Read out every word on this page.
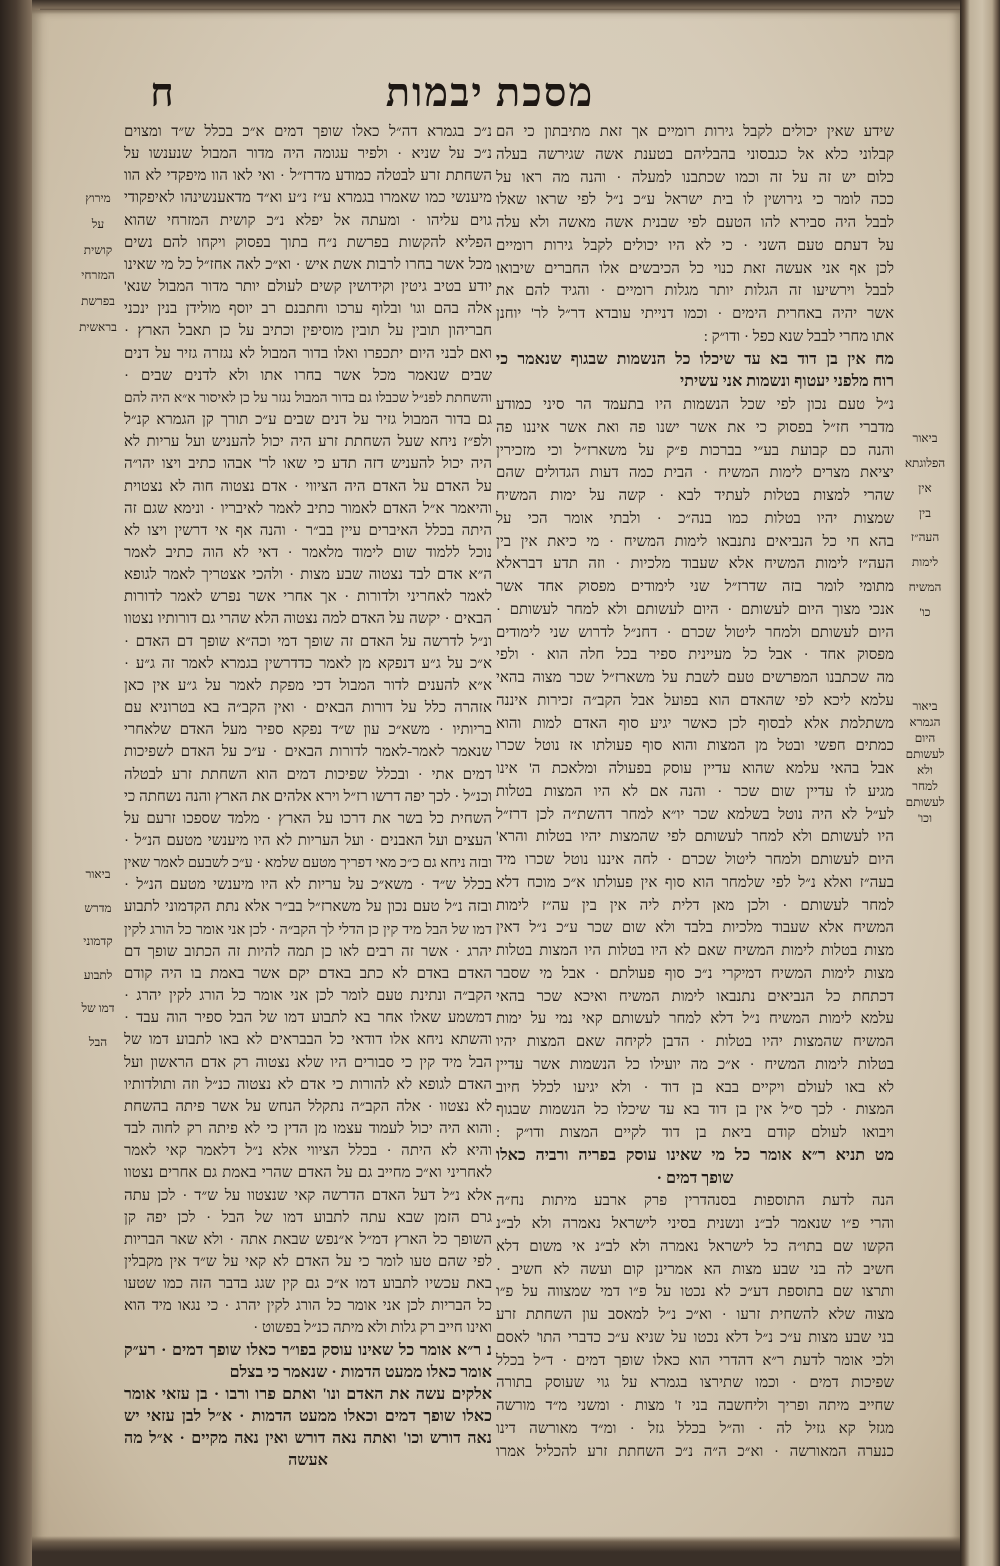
מסכת יבמות
ח
שידע שאין יכולים לקבל גירות רומיים אך זאת מתיבתון כי הם
קבלוני כלא אל כגבסוני בהבליהם בטענת אשה שגירשה בעלה
כלום יש זה על זה וכמו שכתבנו למעלה · והנה מה ראו על
ככה לומר כי גירושין לו בית ישראל ע״כ נ״ל לפי שראו שאלו
לבבל היה סבירא להו הטעם לפי שבנית אשה מאשה ולא עלה
על דעתם טעם השני · כי לא היו יכולים לקבל גירות רומיים
לכן אף אני אעשה זאת כנוי כל הכיבשים אלו החברים שיבואו
לבבל וירשיעו זה הגלות יותר מגלות רומיים · והגיד להם את
אשר יהיה באחרית הימים · וכמו דנייתי עובדא דר״ל לר' יוחנן
אתו מחרי לבבל שנא כפל · ודו״ק :
מח אין בן דוד בא עד שיכלו כל הנשמות שבגוף שנאמר כי
רוח מלפני יעטוף ונשמות אני עשיתי
נ״ל טעם נכון לפי שכל הנשמות היו בתעמד הר סיני כמודע
מדברי חז״ל בפסוק כי את אשר ישנו פה ואת אשר איננו פה
והנה כם קבועת בע״י בברכות פ״ק על משארז״ל וכי מזכירין
יציאת מצרים לימות המשיח · הבית כמה דעות הגדולים שהם
שהרי למצות בטלות לעתיד לבא · קשה על ימות המשיח
שמצות יהיו בטלות כמו בנה״כ · ולבתי אומר הכי על
בהא חי כל הנביאים נתנבאו לימות המשיח · מי כיאת אין בין
העה״ז לימות המשיח אלא שעבוד מלכיות · וזה תדע דבראלא
מתומי לומר בזה שדרז״ל שני לימודים מפסוק אחד אשר
אנכי מצוך היום לעשותם · היום לעשותם ולא למחר לעשותם ·
היום לעשותם ולמחר ליטול שכרם · דחנ״ל לדרוש שני לימודים
מפסוק אחד · אבל כל מעיינית ספיר בכל חלה הוא · ולפי
מה שכתבנו המפרשים טעם לשבת על משארז״ל שכר מצוה בהאי
עלמא ליכא לפי שהאדם הוא בפועל אבל הקב״ה זכירות איננה
משתלמת אלא לבסוף לכן כאשר יגיע סוף האדם למות והוא
כמתים חפשי ובטל מן המצות והוא סוף פעולתו אז נוטל שכרו
אבל בהאי עלמא שהוא עדיין עוסק בפעולה ומלאכת ה' אינו
מגיע לו עדיין שום שכר · והנה אם לא היו המצות בטלות
לע״ל לא היה נוטל בשלמא שכר יו״א למחר דהשת״ה לכן דרז״ל
היו לעשותם ולא למחר לעשותם לפי שהמצות יהיו בטלות והרא'
היום לעשותם ולמחר ליטול שכרם · לחה איננו נוטל שכרו מיד
בעה״ז ואלא נ״ל לפי שלמחר הוא סוף אין פעולתו א״כ מוכח דלא
למחר לעשותם · ולכן מאן דלית ליה אין בין עה״ז לימות
המשיח אלא שעבוד מלכיות בלבד ולא שום שכר ע״כ נ״ל דאין
מצות בטלות לימות המשיח שאם לא היו בטלות היו המצות בטלות
מצות לימות המשיח דמיקרי נ״כ סוף פעולתם · אבל מי שסבר
דכתחת כל הנביאים נתנבאו לימות המשיח ואיכא שכר בהאי
עלמא לימות המשיח נ״ל דלא למחר לעשותם קאי נמי על ימות
המשיח שהמצות יהיו בטלות · הדבן לקיחה שאם המצות יהיו
בטלות לימות המשיח · א״כ מה יועילו כל הנשמות אשר עדיין
לא באו לעולם ויקיים בבא בן דוד · ולא יגיעו לכלל חיוב
המצות · לכך ס״ל אין בן דוד בא עד שיכלו כל הנשמות שבגוף
ויבואו לעולם קודם ביאת בן דוד לקיים המצות ודו״ק :
מט תניא ר״א אומר כל מי שאינו עוסק בפריה ורביה כאלו
שופך דמים ·
הנה לדעת התוספות בסנהדרין פרק ארבע מיתות נח״ה
והרי פ״ו שנאמר לב״נ ונשנית בסיני לישראל נאמרה ולא לב״נ
הקשו שם בתו״ה כל לישראל נאמרה ולא לב״נ אי משום דלא
חשיב לה בני שבע מצות הא אמרינן קום ועשה לא חשיב ·
ותרצו שם בתוספת דע״כ לא נכטו על פ״ו דמי שמצווה על פ״ו
מצוה שלא להשחית זרעו · וא״כ נ״ל למאסב עון השחתת זרע
בני שבע מצות ע״כ נ״ל דלא נכטו על שניא ע״כ כדברי התו' לאסם
ולכי אומר לדעת ר״א דהדרי הוא כאלו שופך דמים · ד״ל בכלל
שפיכות דמים · וכמו שתירצו בגמרא על גוי שעוסק בתורה
שחייב מיתה ופריך וליחשבה בני ז' מצות · ומשני מ״ד מורשה
מגזל קא גזיל לה · וה״ל בכלל גזל · ומ״ד מאורשה דינו
כנערה המאורשה · וא״כ ה״ה נ״כ השחתת זרע להכליל אמרו
נ״כ בגמרא דה״ל כאלו שופך דמים א״כ בכלל ש״ד ומצוים
נ״כ על שניא · ולפיר עגומה היה מדור המבול שנענשו על
השחתת זרע לבטלה כמודע מדרז״ל · ואי לאו הוו מיפקדי לא הוו
מיענשי כמו שאמרו בגמרא ע״ז נ״ע וא״ד מדאענשינהו לאיפקודי
גוים עליהו · ומעתה אל יפלא נ״כ קושית המזרחי שהוא
הפליא להקשות בפרשת נ״ח בתוך בפסוק ויקחו להם נשים
מכל אשר בחרו לרבות אשת איש · וא״כ לאה אחז״ל כל מי שאינו
יודע בטיב גיטין וקידושין קשים לעולם יותר מדור המבול שנא'
אלה בהם וגו' ובלוף ערכו וחתבנם רב יוסף מולידן בנין ינכני
חבריהון תובין על תובין מוסיפין וכתיב על כן תאבל הארץ ·
ואם לבני היום יתכפרו ואלו בדור המבול לא נגזרה גזיר על דנים
שבים שנאמר מכל אשר בחרו אתו ולא לדנים שבים ·
והשחתת לפנ״ל שכבלו גם בדור המבול נגזר על כן לאיסור א״א היה להם
גם בדור המבול גזיר על דנים שבים ע״כ תורך קן הגמרא קנ״ל
ולפ״ז ניחא שעל השחתת זרע היה יכול להעניש ועל עריות לא
היה יכול להעניש דזה תדע כי שאו לר' אבהו כתיב ויצו יהו״ה
על האדם על האדם היה הציווי · אדם נצטוה חוה לא נצטוית
והיאמר א״ל האדם לאמור כתיב לאמר לאיבריו · ונימא שגם זה
היתה בכלל האיברים עיין בב״ר · והנה אף אי דרשין ויצו לא
נוכל ללמוד שום לימוד מלאמר · דאי לא הוה כתיב לאמר
ה״א אדם לבד נצטוה שבע מצות · ולהכי אצטריך לאמר לגופא
לאמר לאחריני ולדורות · אך אחרי אשר נפרש לאמר לדורות
הבאים · יקשה על האדם למה נצטוה הלא שהרי גם דורותיו נצטוו
ונ״ל לדרשה על האדם זה שופך דמי וכה״א שופך דם האדם ·
א״כ על ג״ע דנפקא מן לאמר כדדרשין בגמרא לאמר זה ג״ע ·
א״א להענים לדור המבול דכי מפקת לאמר על ג״ע אין כאן
אזהרה כלל על דורות הבאים · ואין הקב״ה בא בטרוניא עם
בריותיו · משא״כ עון ש״ד נפקא ספיר מעל האדם שלאחרי
שנאמר לאמר-לאמר לדורות הבאים · ע״כ על האדם לשפיכות
דמים אתי · ובכלל שפיכות דמים הוא השחתת זרע לבטלה
וכנ״ל · לכך יפה דרשו רז״ל וירא אלהים את הארץ והנה נשחתה כי
השחית כל בשר את דרכו על הארץ · מלמד שספכו זרעם על
העצים ועל האבנים · ועל העריות לא היו מיענשי מטעם הנ״ל ·
ובזה ניחא גם כ״כ מאי דפריך מטעם שלמא · ע״כ לשבעם לאמר שאין
בכלל ש״ד · משא״כ על עריות לא היו מיענשי מטעם הנ״ל ·
ובזה נ״ל טעם נכון על משארז״ל בב״ר אלא נתת הקדמוני לתבוע
דמו של הבל מיד קין כן הדלי לך הקב״ה · לכן אני אומר כל הורג לקין
יהרג · אשר זה רבים לאו כן תמה להיות זה הכתוב שופך דם
האדם באדם לא כתב באדם יקם אשר באמת בו היה קודם
הקב״ה ונתינת טעם לומר לכן אני אומר כל הורג לקין יהרג ·
דמשמע שאלו אחר בא לתבוע דמו של הבל ספיר הוה עבד ·
והשתא ניחא אלו דודאי כל הבבראים לא באו לתבוע דמו של
הבל מיד קין כי סבורים היו שלא נצטוה רק אדם הראשון ועל
האדם לגופא לא להורות כי אדם לא נצטוה כנ״ל וזה ותולדותיו
לא נצטוו · אלה הקב״ה נתקלל הנחש על אשר פיתה בהשחת
והוא היה יכול לעמוד עצמו מן הדין כי לא פיתה רק לחוה לבד
והיא לא היתה · בכלל הציווי אלא נ״ל דלאמר קאי לאמר
לאחריני וא״כ מחייב גם על האדם שהרי באמת גם אחרים נצטוו
אלא נ״ל דעל האדם הדרשה קאי שנצטוו על ש״ד · לכן עתה
גרם הזמן שבא עתה לתבוע דמו של הבל · לכן יפה קן
השופך כל הארץ דמ״ל א״נפש שבאת אתה · ולא שאר הבריות
לפי שהם טעו לומר כי על האדם לא קאי על ש״ד אין מקבלין
באת עכשיו לתבוע דמו א״כ גם קין שגג בדבר הזה כמו שטעו
כל הבריות לכן אני אומר כל הורג לקין יהרג · כי נגאו מיד הוא
ואינו חייב רק גלות ולא מיתה כנ״ל בפשוט ·
נ ר״א אומר כל שאינו עוסק בפו״ר כאלו שופך דמים · רע״ק
אומר כאלו ממעט הדמות · שנאמר כי בצלם
אלקים עשה את האדם ונו' ואתם פרו ורבו · בן עזאי אומר
כאלו שופך דמים וכאלו ממעט הדמות · א״ל לבן עזאי יש
נאה דורש וכו' ואתה נאה דורש ואין נאה מקיים · א״ל מה
אעשה
מירוץ
על
קושית
המזרחי
בפרשת
בראשית
ביאור
הפלוגתא
אין
בין
העה״ז
לימות
המשיח
כו'
ביאור
הגמרא
היום
לעשותם
ולא
למחר
לעשותם
וכו'
ביאור
מדרש
קדמוני
לתבוע
דמו של
הבל
